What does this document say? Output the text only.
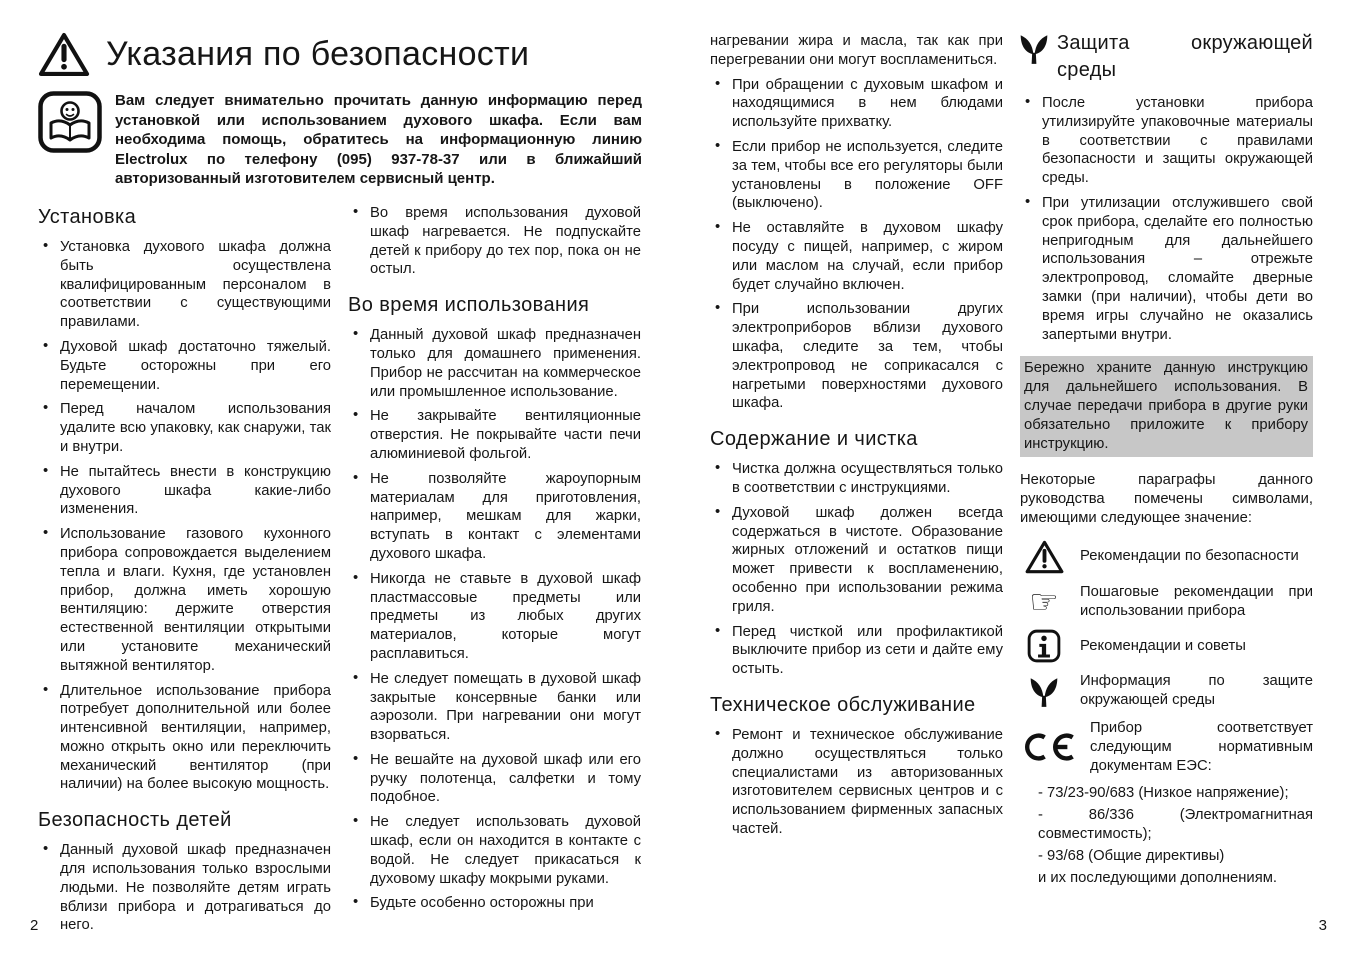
Указания по безопасности

Вам следует внимательно прочитать данную информацию перед установкой или использованием духового шкафа. Если вам необходима помощь, обратитесь на информационную линию Electrolux по телефону (095) 937-78-37 или в ближайший авторизованный изготовителем сервисный центр.

Установка
• Установка духового шкафа должна быть осуществлена квалифицированным персоналом в соответствии с существующими правилами.
• Духовой шкаф достаточно тяжелый. Будьте осторожны при его перемещении.
• Перед началом использования удалите всю упаковку, как снаружи, так и внутри.
• Не пытайтесь внести в конструкцию духового шкафа какие-либо изменения.
• Использование газового кухонного прибора сопровождается выделением тепла и влаги. Кухня, где установлен прибор, должна иметь хорошую вентиляцию: держите отверстия естественной вентиляции открытыми или установите механический вытяжной вентилятор.
• Длительное использование прибора потребует дополнительной или более интенсивной вентиляции, например, можно открыть окно или переключить механический вентилятор (при наличии) на более высокую мощность.
Безопасность детей
• Данный духовой шкаф предназначен для использования только взрослыми людьми. Не позволяйте детям играть вблизи прибора и дотрагиваться до него.
• Во время использования духовой шкаф нагревается. Не подпускайте детей к прибору до тех пор, пока он не остыл.
Во время использования
• Данный духовой шкаф предназначен только для домашнего применения. Прибор не рассчитан на коммерческое или промышленное использование.
• Не закрывайте вентиляционные отверстия. Не покрывайте части печи алюминиевой фольгой.
• Не позволяйте жароупорным материалам для приготовления, например, мешкам для жарки, вступать в контакт с элементами духового шкафа.
• Никогда не ставьте в духовой шкаф пластмассовые предметы или предметы из любых других материалов, которые могут расплавиться.
• Не следует помещать в духовой шкаф закрытые консервные банки или аэрозоли. При нагревании они могут взорваться.
• Не вешайте на духовой шкаф или его ручку полотенца, салфетки и тому подобное.
• Не следует использовать духовой шкаф, если он находится в контакте с водой. Не следует прикасаться к духовому шкафу мокрыми руками.
• Будьте особенно осторожны при

нагревании жира и масла, так как при перегревании они могут воспламениться.

• При обращении с духовым шкафом и находящимися в нем блюдами используйте прихватку.
• Если прибор не используется, следите за тем, чтобы все его регуляторы были установлены в положение OFF (выключено).
• Не оставляйте в духовом шкафу посуду с пищей, например, с жиром или маслом на случай, если прибор будет случайно включен.
• При использовании других электроприборов вблизи духового шкафа, следите за тем, чтобы электропровод не соприкасался с нагретыми поверхностями духового шкафа.
Содержание и чистка
• Чистка должна осуществляться только в соответствии с инструкциями.
• Духовой шкаф должен всегда содержаться в чистоте. Образование жирных отложений и остатков пищи может привести к воспламенению, особенно при использовании режима гриля.
• Перед чисткой или профилактикой выключите прибор из сети и дайте ему остыть.
Техническое обслуживание
• Ремонт и техническое обслуживание должно осуществляться только специалистами из авторизованных изготовителем сервисных центров и с использованием фирменных запасных частей.
Защита окружающей среды
• После установки прибора утилизируйте упаковочные материалы в соответствии с правилами безопасности и защиты окружающей среды.
• При утилизации отслужившего свой срок прибора, сделайте его полностью непригодным для дальнейшего использования – отрежьте электропровод, сломайте дверные замки (при наличии), чтобы дети во время игры случайно не оказались запертыми внутри.
Бережно храните данную инструкцию для дальнейшего использования. В случае передачи прибора в другие руки обязательно приложите к прибору инструкцию.

Некоторые параграфы данного руководства помечены символами, имеющими следующее значение:

Рекомендации по безопасности
☞ Пошаговые рекомендации при использовании прибора
Рекомендации и советы
Информация по защите окружающей среды
Прибор соответствует следующим нормативным документам ЕЭС:
- 73/23-90/683 (Низкое напряжение);
- 86/336 (Электромагнитная совместимость);
- 93/68 (Общие директивы)
и их последующими дополнениям.
2	3
